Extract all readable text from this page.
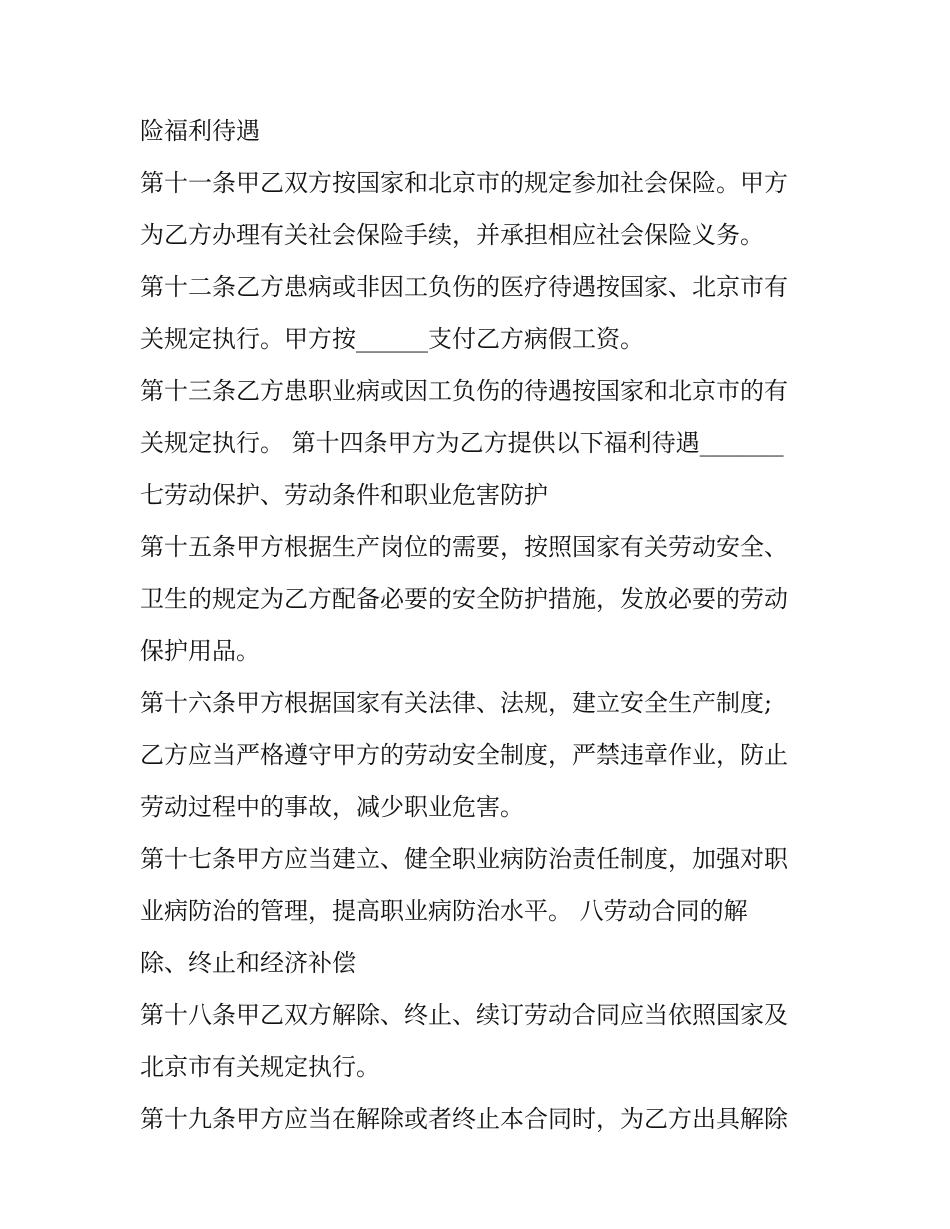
险福利待遇
第十一条甲乙双方按国家和北京市的规定参加社会保险。甲方
为乙方办理有关社会保险手续，并承担相应社会保险义务。
第十二条乙方患病或非因工负伤的医疗待遇按国家、北京市有
关规定执行。甲方按______支付乙方病假工资。
第十三条乙方患职业病或因工负伤的待遇按国家和北京市的有
关规定执行。 第十四条甲方为乙方提供以下福利待遇_______
七劳动保护、劳动条件和职业危害防护
第十五条甲方根据生产岗位的需要，按照国家有关劳动安全、
卫生的规定为乙方配备必要的安全防护措施，发放必要的劳动
保护用品。
第十六条甲方根据国家有关法律、法规，建立安全生产制度;
乙方应当严格遵守甲方的劳动安全制度，严禁违章作业，防止
劳动过程中的事故，减少职业危害。
第十七条甲方应当建立、健全职业病防治责任制度，加强对职
业病防治的管理，提高职业病防治水平。 八劳动合同的解
除、终止和经济补偿
第十八条甲乙双方解除、终止、续订劳动合同应当依照国家及
北京市有关规定执行。
第十九条甲方应当在解除或者终止本合同时，为乙方出具解除
